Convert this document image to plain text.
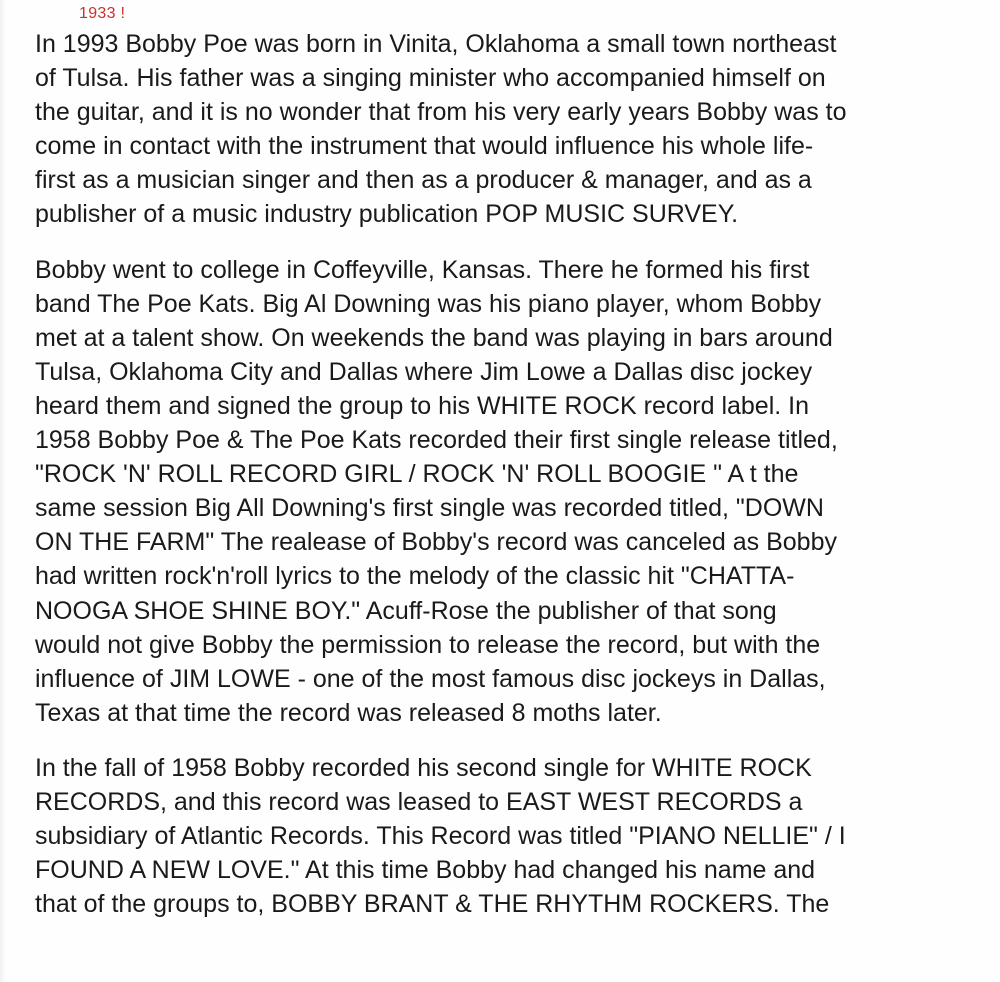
1933 !

In 1993 Bobby Poe was born in Vinita, Oklahoma a small town northeast
of Tulsa. His father was a singing minister who accompanied himself on
the guitar, and it is no wonder that from his very early years Bobby was to
come in contact with the instrument that would influence his whole life-
first as a musician singer and then as a producer & manager, and as a
publisher of a music industry publication POP MUSIC SURVEY.

Bobby went to college in Coffeyville, Kansas. There he formed his first
band The Poe Kats. Big Al Downing was his piano player, whom Bobby
met at a talent show. On weekends the band was playing in bars around
Tulsa, Oklahoma City and Dallas where Jim Lowe a Dallas disc jockey
heard them and signed the group to his WHITE ROCK record label. In
1958 Bobby Poe & The Poe Kats recorded their first single release titled,
"ROCK 'N' ROLL RECORD GIRL / ROCK 'N' ROLL BOOGIE " A t the
same session Big All Downing's first single was recorded titled, "DOWN
ON THE FARM" The realease of Bobby's record was canceled as Bobby
had written rock'n'roll lyrics to the melody of the classic hit "CHATTA-
NOOGA SHOE SHINE BOY." Acuff-Rose the publisher of that song
would not give Bobby the permission to release the record, but with the
influence of JIM LOWE - one of the most famous disc jockeys in Dallas,
Texas at that time the record was released 8 moths later.

In the fall of 1958 Bobby recorded his second single for WHITE ROCK
RECORDS, and this record was leased to EAST WEST RECORDS a
subsidiary of Atlantic Records. This Record was titled "PIANO NELLIE" / I
FOUND A NEW LOVE." At this time Bobby had changed his name and
that of the groups to, BOBBY BRANT & THE RHYTHM ROCKERS. The
